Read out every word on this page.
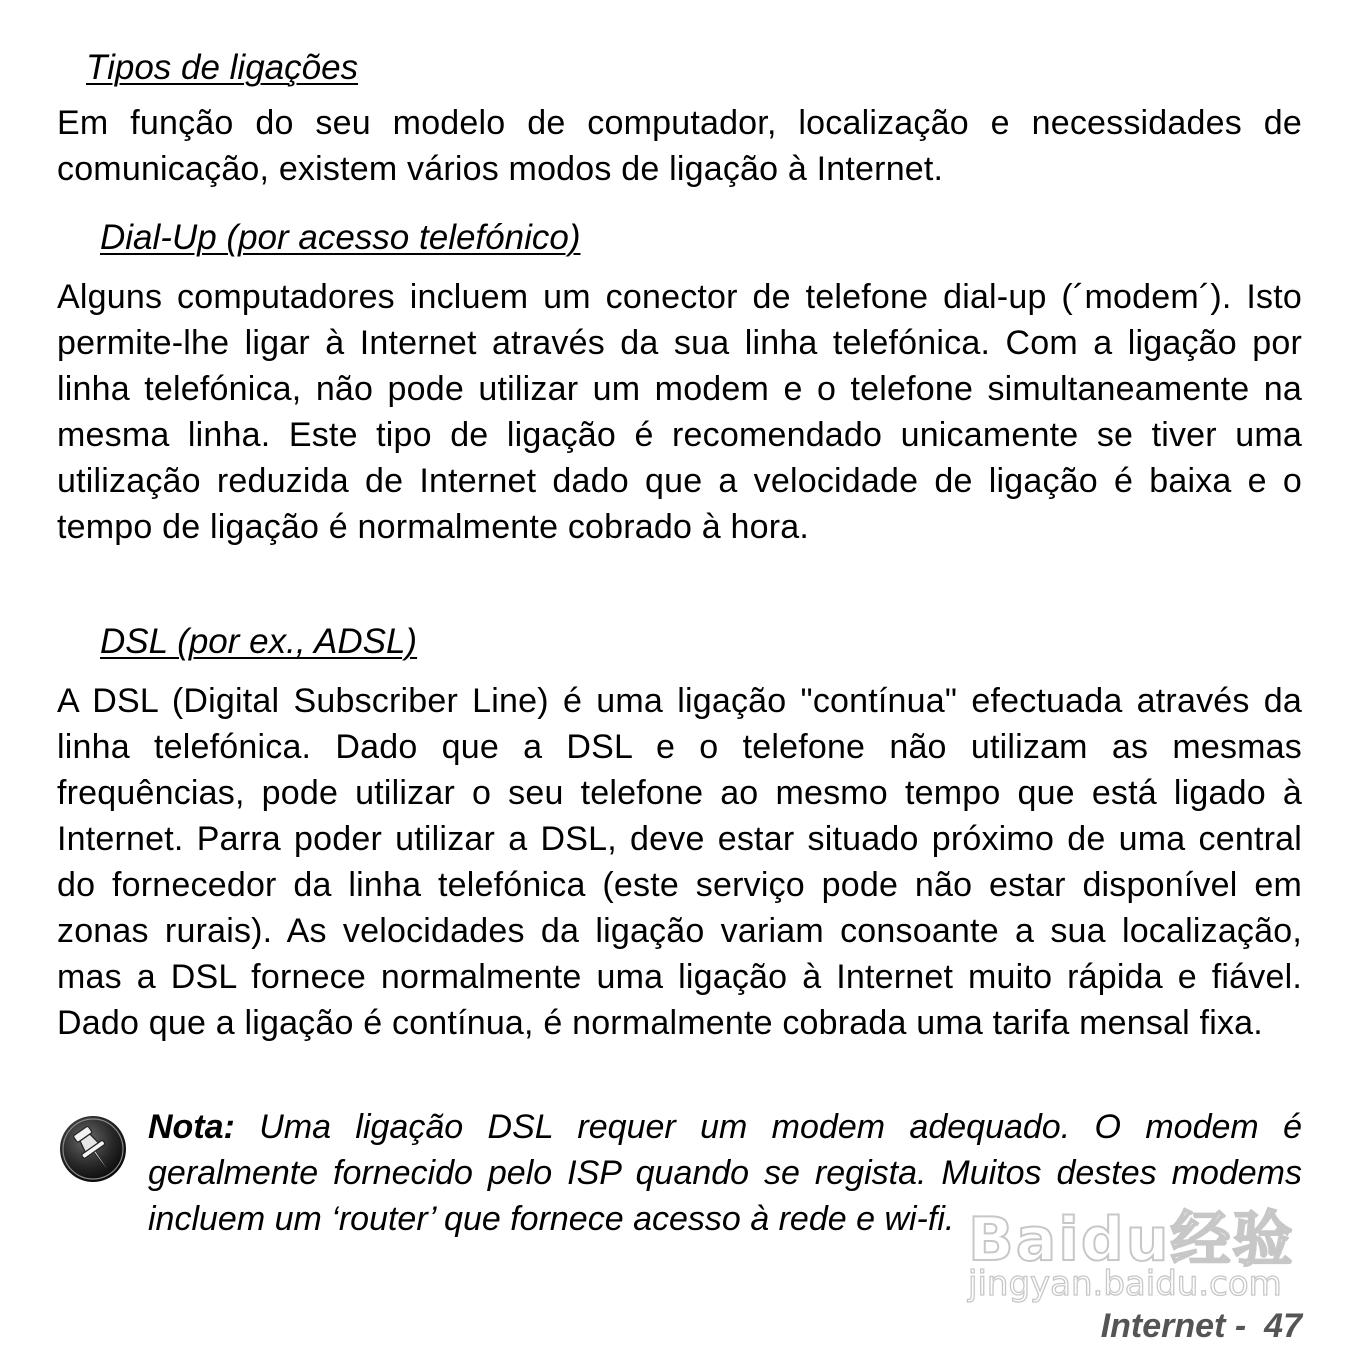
Tipos de ligações
Em função do seu modelo de computador, localização e necessidades de comunicação, existem vários modos de ligação à Internet.
Dial-Up (por acesso telefónico)
Alguns computadores incluem um conector de telefone dial-up (´modem´). Isto permite-lhe ligar à Internet através da sua linha telefónica. Com a ligação por linha telefónica, não pode utilizar um modem e o telefone simultaneamente na mesma linha. Este tipo de ligação é recomendado unicamente se tiver uma utilização reduzida de Internet dado que a velocidade de ligação é baixa e o tempo de ligação é normalmente cobrado à hora.
DSL (por ex., ADSL)
A DSL (Digital Subscriber Line) é uma ligação "contínua" efectuada através da linha telefónica. Dado que a DSL e o telefone não utilizam as mesmas frequências, pode utilizar o seu telefone ao mesmo tempo que está ligado à Internet. Parra poder utilizar a DSL, deve estar situado próximo de uma central do fornecedor da linha telefónica (este serviço pode não estar disponível em zonas rurais). As velocidades da ligação variam consoante a sua localização, mas a DSL fornece normalmente uma ligação à Internet muito rápida e fiável. Dado que a ligação é contínua, é normalmente cobrada uma tarifa mensal fixa.
Nota: Uma ligação DSL requer um modem adequado. O modem é geralmente fornecido pelo ISP quando se regista. Muitos destes modems incluem um ‘router’ que fornece acesso à rede e wi-fi. Baidu经验
jingyan.baidu.com
Internet - 47
